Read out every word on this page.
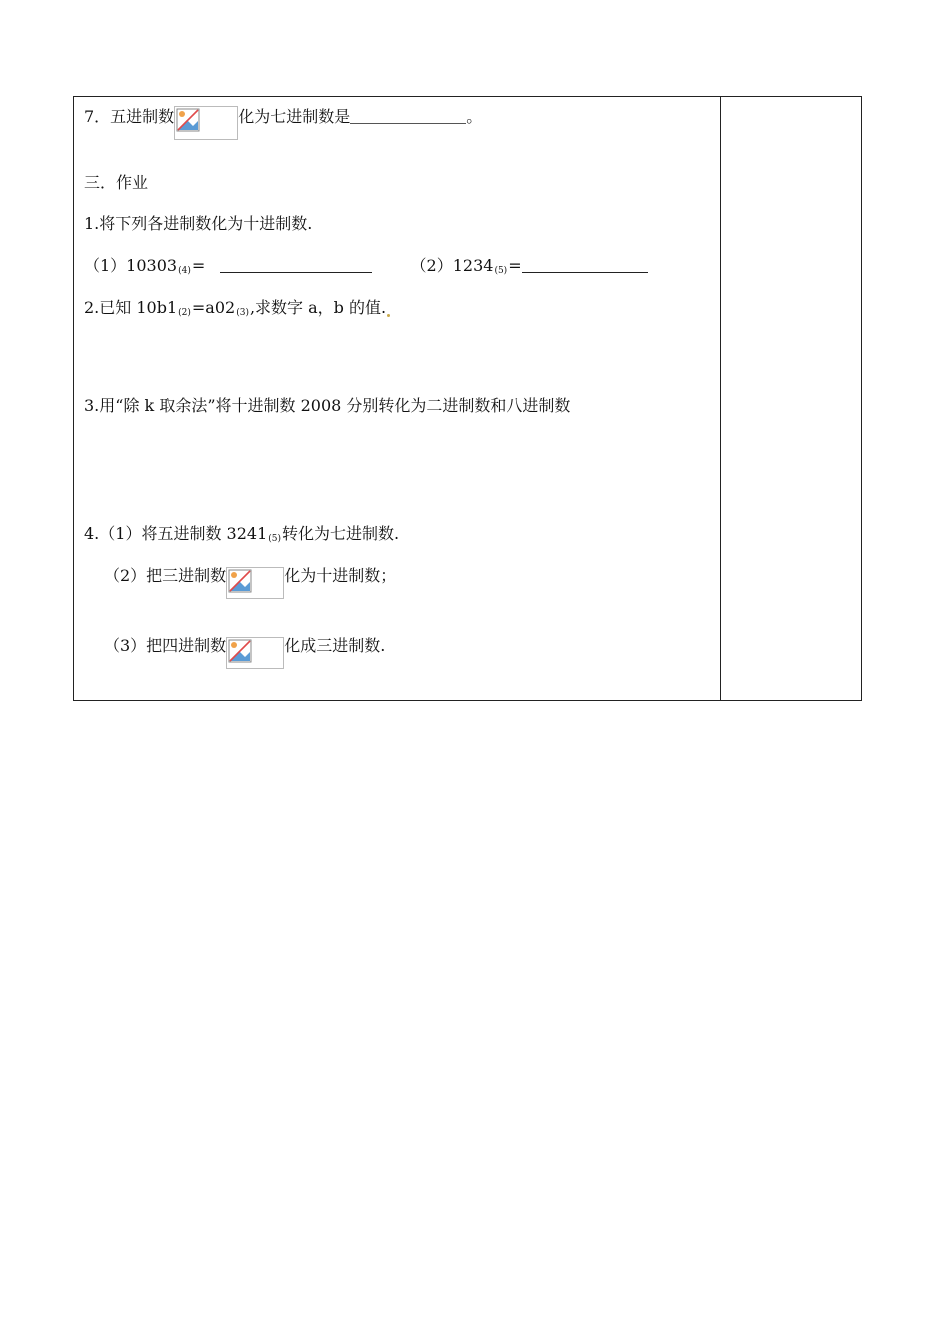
7．五进制数	化为七进制数是	。
三．作业
1.将下列各进制数化为十进制数.
$(1)10303_{(4)}=$	$(2)1234_{(5)}=$
2.已知 $10b1_{(2)}=a02_{(3)}$,求数字 a，b 的值.
3.用“除 k 取余法”将十进制数 2008 分别转化为二进制数和八进制数
4.（1）将五进制数 $3241_{(5)}$转化为七进制数.
（2）把三进制数	化为十进制数；
（3）把四进制数	化成三进制数.
